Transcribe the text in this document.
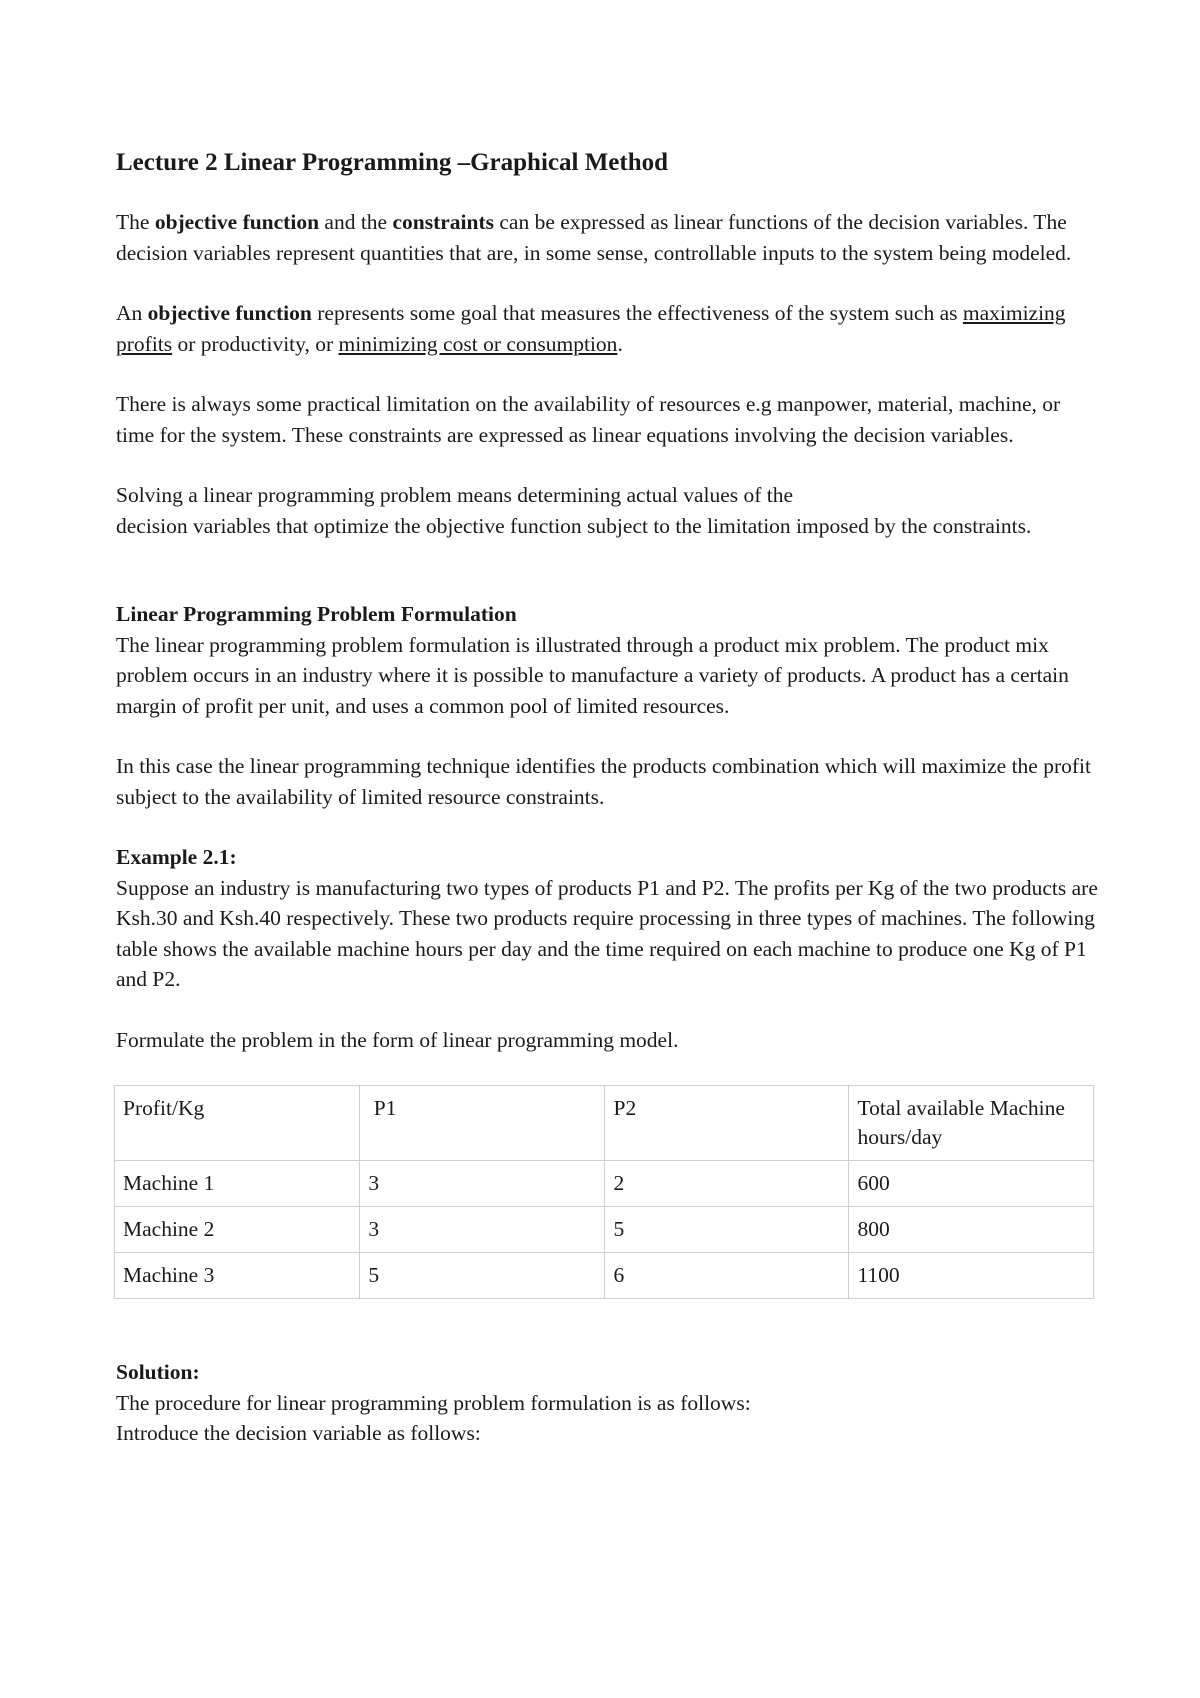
Lecture 2 Linear Programming –Graphical Method

The objective function and the constraints can be expressed as linear functions of the decision variables. The decision variables represent quantities that are, in some sense, controllable inputs to the system being modeled.

An objective function represents some goal that measures the effectiveness of the system such as maximizing profits or productivity, or minimizing cost or consumption.

There is always some practical limitation on the availability of resources e.g manpower, material, machine, or time for the system. These constraints are expressed as linear equations involving the decision variables.

Solving a linear programming problem means determining actual values of the
decision variables that optimize the objective function subject to the limitation imposed by the constraints.

Linear Programming Problem Formulation

The linear programming problem formulation is illustrated through a product mix problem. The product mix problem occurs in an industry where it is possible to manufacture a variety of products. A product has a certain margin of profit per unit, and uses a common pool of limited resources.

In this case the linear programming technique identifies the products combination which will maximize the profit subject to the availability of limited resource constraints.

Example 2.1:

Suppose an industry is manufacturing two types of products P1 and P2. The profits per Kg of the two products are Ksh.30 and Ksh.40 respectively. These two products require processing in three types of machines. The following table shows the available machine hours per day and the time required on each machine to produce one Kg of P1 and P2.

Formulate the problem in the form of linear programming model.

Profit/Kg	P1	P2	Total available Machine hours/day
Machine 1	3	2	600
Machine 2	3	5	800
Machine 3	5	6	1100
Solution:
The procedure for linear programming problem formulation is as follows:
Introduce the decision variable as follows:
